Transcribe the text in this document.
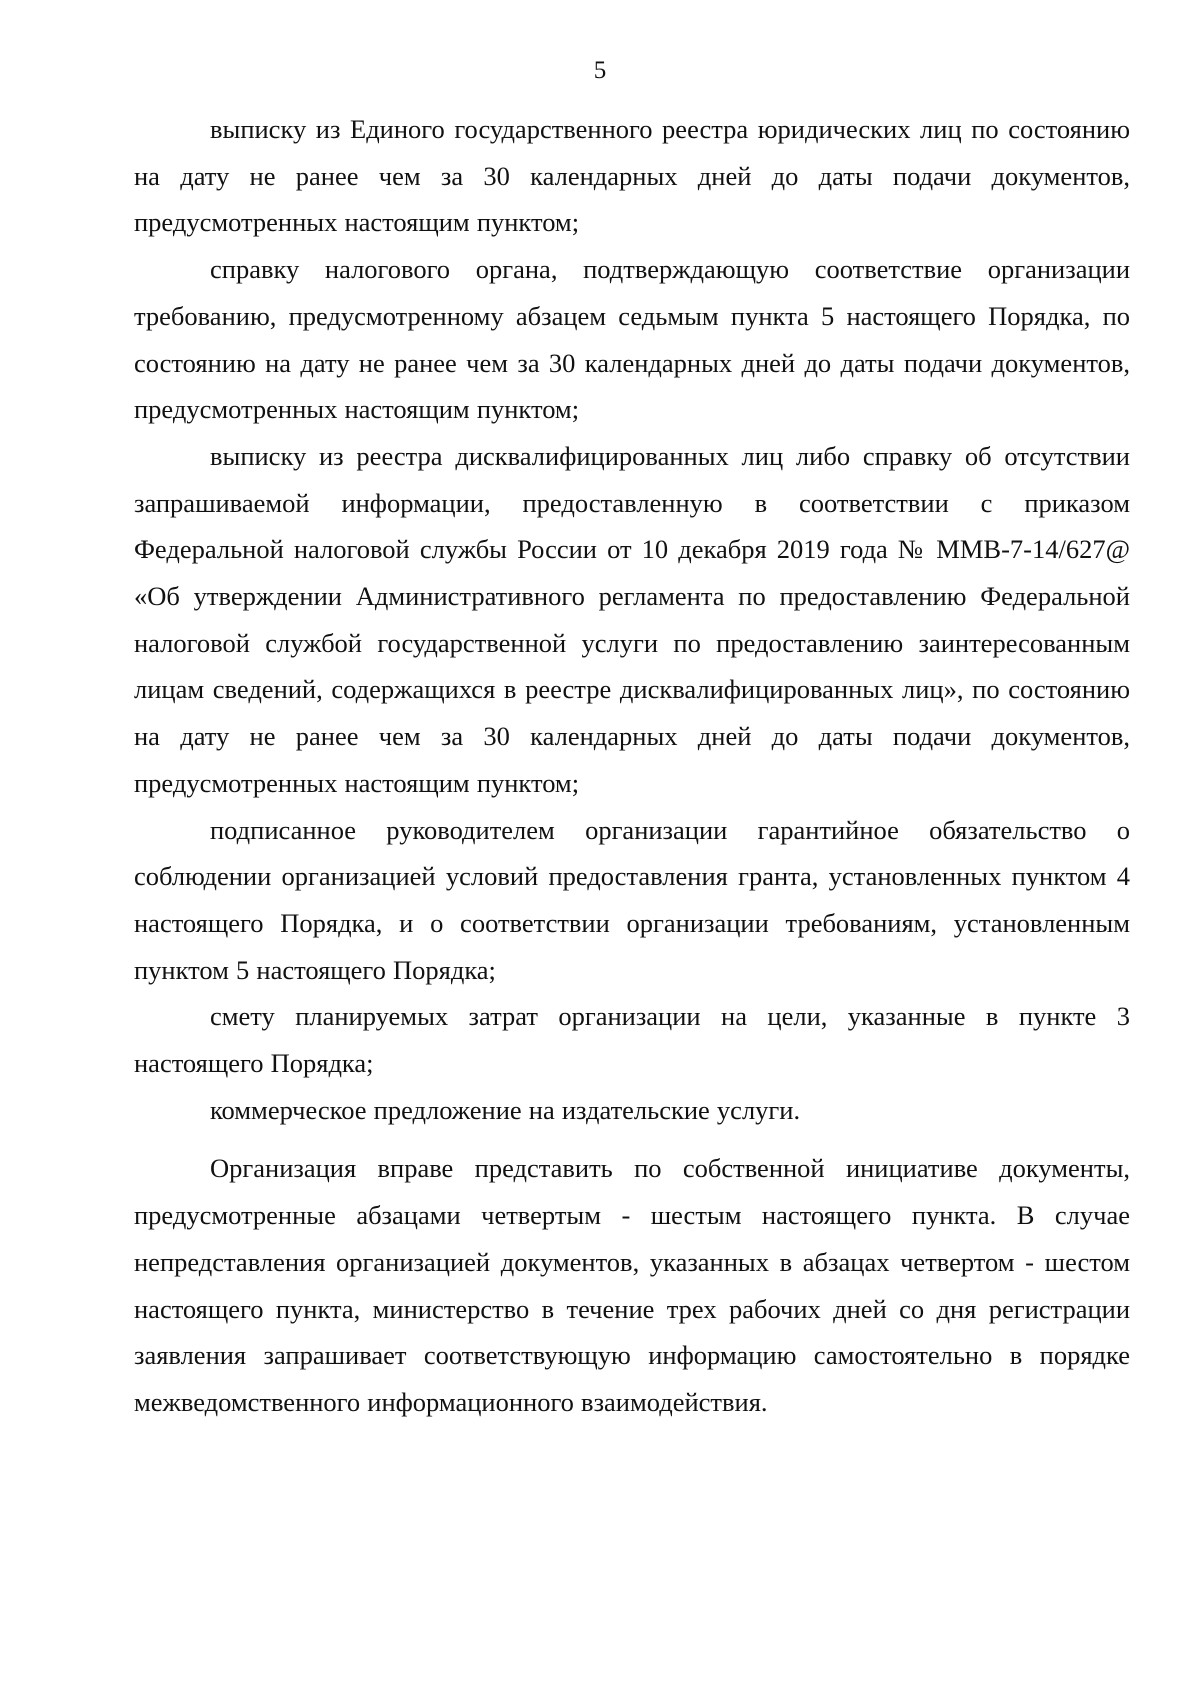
5

выписку из Единого государственного реестра юридических лиц по состоянию на дату не ранее чем за 30 календарных дней до даты подачи документов, предусмотренных настоящим пунктом;

справку налогового органа, подтверждающую соответствие организации требованию, предусмотренному абзацем седьмым пункта 5 настоящего Порядка, по состоянию на дату не ранее чем за 30 календарных дней до даты подачи документов, предусмотренных настоящим пунктом;

выписку из реестра дисквалифицированных лиц либо справку об отсутствии запрашиваемой информации, предоставленную в соответствии с приказом Федеральной налоговой службы России от 10 декабря 2019 года № ММВ-7-14/627@ «Об утверждении Административного регламента по предоставлению Федеральной налоговой службой государственной услуги по предоставлению заинтересованным лицам сведений, содержащихся в реестре дисквалифицированных лиц», по состоянию на дату не ранее чем за 30 календарных дней до даты подачи документов, предусмотренных настоящим пунктом;

подписанное руководителем организации гарантийное обязательство о соблюдении организацией условий предоставления гранта, установленных пунктом 4 настоящего Порядка, и о соответствии организации требованиям, установленным пунктом 5 настоящего Порядка;

смету планируемых затрат организации на цели, указанные в пункте 3 настоящего Порядка;

коммерческое предложение на издательские услуги.

Организация вправе представить по собственной инициативе документы, предусмотренные абзацами четвертым - шестым настоящего пункта. В случае непредставления организацией документов, указанных в абзацах четвертом - шестом настоящего пункта, министерство в течение трех рабочих дней со дня регистрации заявления запрашивает соответствующую информацию самостоятельно в порядке межведомственного информационного взаимодействия.
